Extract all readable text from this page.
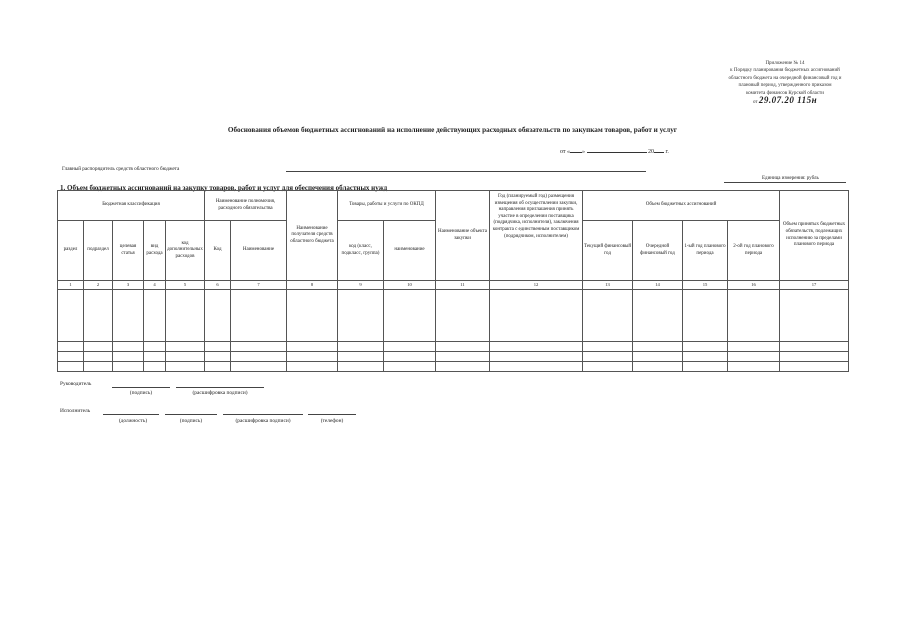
Приложение № 14
к Порядку планирования бюджетных ассигнований
областного бюджета на очередной финансовый год и
плановый период, утвержденного приказом
комитета финансов Курской области
от 29.07.20 115н
Обоснования объемов бюджетных ассигнований на исполнение действующих расходных обязательств по закупкам товаров, работ и услуг
от « »	20 г.
Главный распорядитель средств областного бюджета
Единица измерения: рубль
1. Объем бюджетных ассигнований на закупку товаров, работ и услуг для обеспечения областных нужд
Бюджетная классификация					Наименование полномочия, расходного обязательства		Наименование получателя средств областного бюджета	Товары, работы и услуги по ОКПД		Наименование объекта закупки	Год (планируемый год) размещения извещения об осуществлении закупки, направления приглашения принять участие в определении поставщика (подрядчика, исполнителя), заключения контракта с единственным поставщиком (подрядчиком, исполнителем)	Объем бюджетных ассигнований				Объем принятых бюджетных обязательств, подлежащих исполнению за пределами планового периода
раздел	подраздел	целевая статья	вид расхода	код дополнительных расходов	Код	Наименование		код (класс, подкласс, группа)	наименование			Текущий финансовый год	Очередной финансовый год	1-ый год планового периода	2-ой год планового периода	
1	2	3	4	5	6	7	8	9	10	11	12	13	14	15	16	17

Руководитель
(подпись)	(расшифровка подписи)
Исполнитель
(должность)	(подпись)	(расшифровка подписи)	(телефон)
